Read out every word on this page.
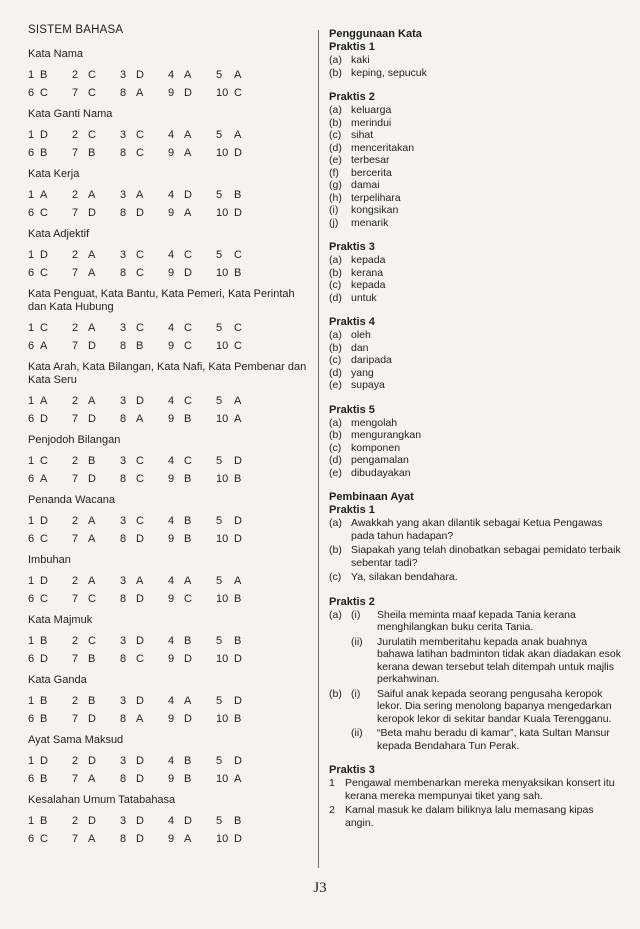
SISTEM BAHASA
Kata Nama
1 B	2 C	3 D	4 A	5	A
6 C	7 C	8 A	9 D	10 C
Kata Ganti Nama
1 D	2 C	3 C	4 A	5	A
6 B	7 B	8 C	9 A	10 D
Kata Kerja
1 A	2 A	3 A	4 D	5	B
6 C	7 D	8 D	9 A	10 D
Kata Adjektif
1 D	2 A	3 C	4 C	5	C
6 C	7 A	8 C	9 D	10 B
Kata Penguat, Kata Bantu, Kata Pemeri, Kata Perintah dan Kata Hubung
1 C	2 A	3 C	4 C	5	C
6 A	7 D	8 B	9 C	10 C
Kata Arah, Kata Bilangan, Kata Nafi, Kata Pembenar dan Kata Seru
1 A	2 A	3 D	4 C	5	A
6 D	7 D	8 A	9 B	10 A
Penjodoh Bilangan
1 C	2 B	3 C	4 C	5	D
6 A	7 D	8 C	9 B	10 B
Penanda Wacana
1 D	2 A	3 C	4 B	5	D
6 C	7 A	8 D	9 B	10 D
Imbuhan
1 D	2 A	3 A	4 A	5	A
6 C	7 C	8 D	9 C	10 B
Kata Majmuk
1 B	2 C	3 D	4 B	5	B
6 D	7 B	8 C	9 D	10 D
Kata Ganda
1 B	2 B	3 D	4 A	5	D
6 B	7 D	8 A	9 D	10 B
Ayat Sama Maksud
1 D	2 D	3 D	4 B	5	D
6 B	7 A	8 D	9 B	10 A
Kesalahan Umum Tatabahasa
1 B	2 D	3 D	4 D	5	B
6 C	7 A	8 D	9 A	10 D
Penggunaan Kata
Praktis 1
(a) kaki
(b) keping, sepucuk
Praktis 2
(a) keluarga
(b) merindui
(c) sihat
(d) menceritakan
(e) terbesar
(f)	bercerita
(g) damai
(h) terpelihara
(i)	kongsikan
(j)	menarik
Praktis 3
(a) kepada
(b) kerana
(c) kepada
(d) untuk
Praktis 4
(a) oleh
(b) dan
(c) daripada
(d) yang
(e) supaya
Praktis 5
(a) mengolah
(b) mengurangkan
(c) komponen
(d) pengamalan
(e) dibudayakan
Pembinaan Ayat
Praktis 1
(a) Awakkah yang akan dilantik sebagai Ketua Pengawas pada tahun hadapan?
(b) Siapakah yang telah dinobatkan sebagai pemidato terbaik sebentar tadi?
(c) Ya, silakan bendahara.
Praktis 2
(a) (i)	Sheila meminta maaf kepada Tania kerana menghilangkan buku cerita Tania.
(ii)	Jurulatih memberitahu kepada anak buahnya bahawa latihan badminton tidak akan diadakan esok kerana dewan tersebut telah ditempah untuk majlis perkahwinan.
(b) (i)	Saiful anak kepada seorang pengusaha keropok lekor. Dia sering menolong bapanya mengedarkan keropok lekor di sekitar bandar Kuala Terengganu.
(ii)	“Beta mahu beradu di kamar”, kata Sultan Mansur kepada Bendahara Tun Perak.
Praktis 3
1 Pengawal membenarkan mereka menyaksikan konsert itu kerana mereka mempunyai tiket yang sah.
2 Kamal masuk ke dalam biliknya lalu memasang kipas angin.
J3
